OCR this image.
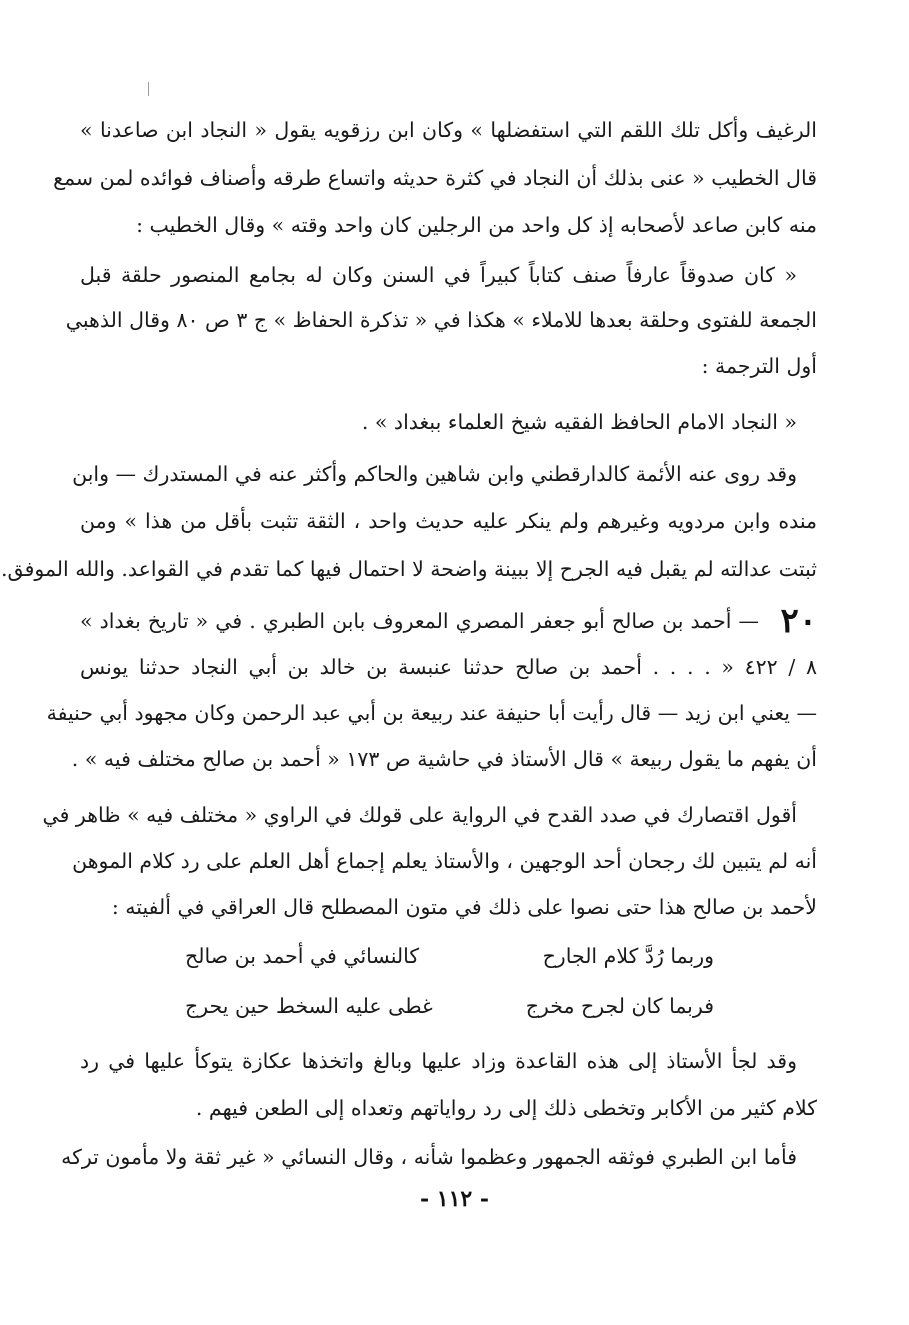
الرغيف وأكل تلك اللقم التي استفضلها » وكان ابن رزقويه يقول « النجاد ابن صاعدنا »
قال الخطيب « عنى بذلك أن النجاد في كثرة حديثه واتساع طرقه وأصناف فوائده لمن سمع
منه كابن صاعد لأصحابه إذ كل واحد من الرجلين كان واحد وقته » وقال الخطيب :
« كان صدوقاً عارفاً صنف كتاباً كبيراً في السنن وكان له بجامع المنصور حلقة قبل
الجمعة للفتوى وحلقة بعدها للاملاء » هكذا في « تذكرة الحفاظ » ج ٣ ص ٨٠ وقال الذهبي
أول الترجمة :
« النجاد الامام الحافظ الفقيه شيخ العلماء ببغداد » .
وقد روى عنه الأئمة كالدارقطني وابن شاهين والحاكم وأكثر عنه في المستدرك — وابن
منده وابن مردويه وغيرهم ولم ينكر عليه حديث واحد ، الثقة تثبت بأقل من هذا » ومن
ثبتت عدالته لم يقبل فيه الجرح إلا ببينة واضحة لا احتمال فيها كما تقدم في القواعد. والله الموفق.
٢٠
— أحمد بن صالح أبو جعفر المصري المعروف بابن الطبري . في « تاريخ بغداد »
٨ / ٤٢٢ « . . . . أحمد بن صالح حدثنا عنبسة بن خالد بن أبي النجاد حدثنا يونس
— يعني ابن زيد — قال رأيت أبا حنيفة عند ربيعة بن أبي عبد الرحمن وكان مجهود أبي حنيفة
أن يفهم ما يقول ربيعة » قال الأستاذ في حاشية ص ١٧٣ « أحمد بن صالح مختلف فيه » .
أقول اقتصارك في صدد القدح في الرواية على قولك في الراوي « مختلف فيه » ظاهر في
أنه لم يتبين لك رجحان أحد الوجهين ، والأستاذ يعلم إجماع أهل العلم على رد كلام الموهن
لأحمد بن صالح هذا حتى نصوا على ذلك في متون المصطلح قال العراقي في ألفيته :
وربما رُدَّ كلام الجارح
كالنسائي في أحمد بن صالح
فربما كان لجرح مخرج
غطى عليه السخط حين يحرج
وقد لجأ الأستاذ إلى هذه القاعدة وزاد عليها وبالغ واتخذها عكازة يتوكأ عليها في رد
كلام كثير من الأكابر وتخطى ذلك إلى رد رواياتهم وتعداه إلى الطعن فيهم .
فأما ابن الطبري فوثقه الجمهور وعظموا شأنه ، وقال النسائي « غير ثقة ولا مأمون تركه
- ١١٢ -
